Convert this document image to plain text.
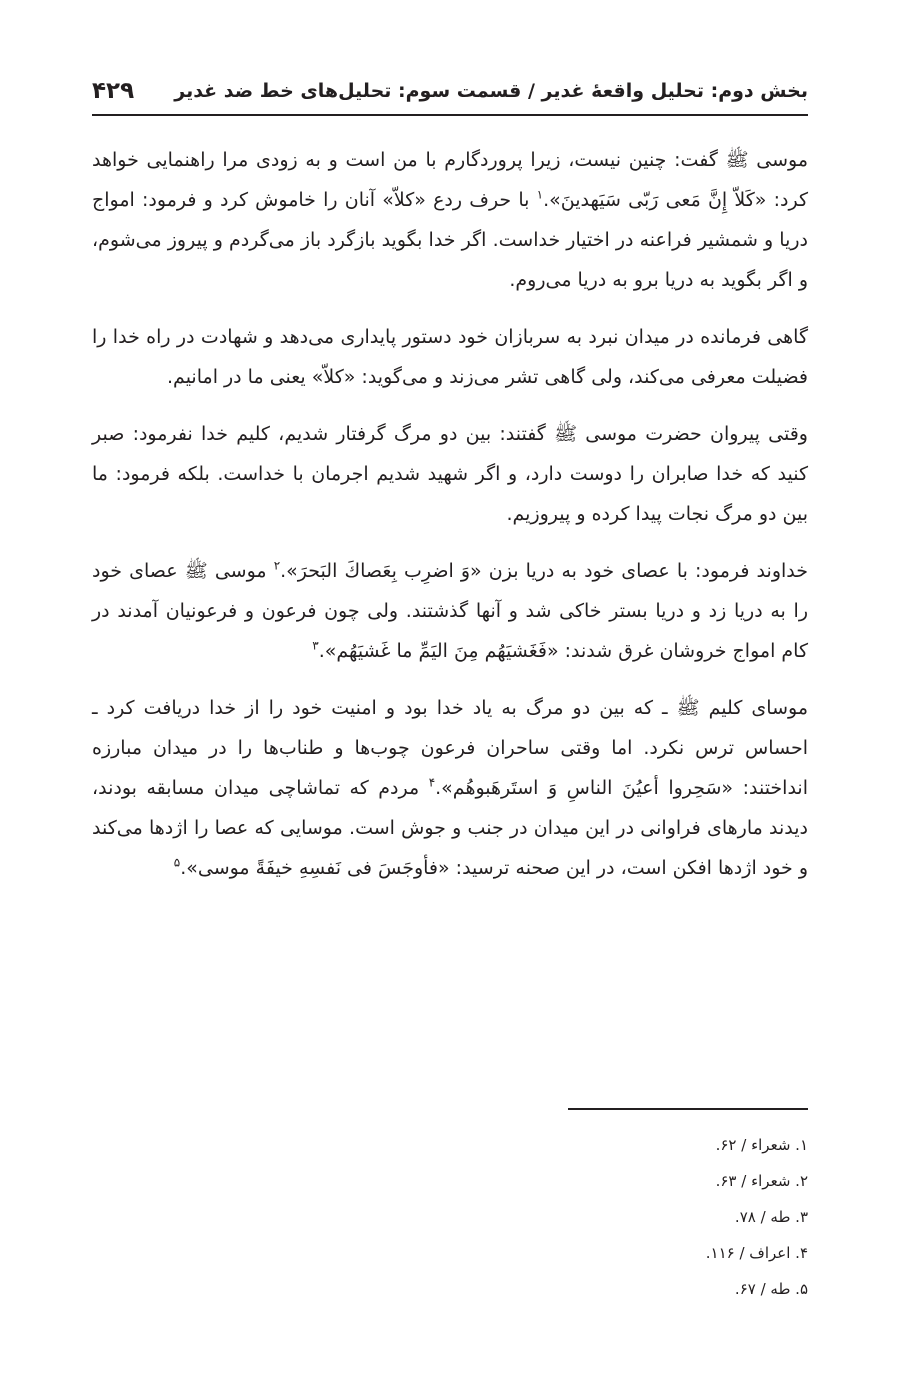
بخش دوم: تحلیل واقعهٔ غدیر / قسمت سوم: تحلیل‌های خط ضد غدیر
۴۲۹

موسی ﷺ گفت: چنین نیست، زیرا پروردگارم با من است و به زودی مرا راهنمایی خواهد کرد: «كَلاّ إِنَّ مَعی رَبّی سَیَهدینَ».$^۱$ با حرف ردع «کلاّ» آنان را خاموش کرد و فرمود: امواج دریا و شمشیر فراعنه در اختیار خداست. اگر خدا بگوید بازگرد باز می‌گردم و پیروز می‌شوم، و اگر بگوید به دریا برو به دریا می‌روم.

گاهی فرمانده در میدان نبرد به سربازان خود دستور پایداری می‌دهد و شهادت در راه خدا را فضیلت معرفی می‌کند، ولی گاهی تشر می‌زند و می‌گوید: «کلاّ» یعنی ما در امانیم.

وقتی پیروان حضرت موسی ﷺ گفتند: بین دو مرگ گرفتار شدیم، کلیم خدا نفرمود: صبر کنید که خدا صابران را دوست دارد، و اگر شهید شدیم اجرمان با خداست. بلکه فرمود: ما بین دو مرگ نجات پیدا کرده و پیروزیم.

خداوند فرمود: با عصای خود به دریا بزن «وَ اضرِب بِعَصاكَ البَحرَ».$^۲$ موسی ﷺ عصای خود را به دریا زد و دریا بستر خاکی شد و آنها گذشتند. ولی چون فرعون و فرعونیان آمدند در کام امواج خروشان غرق شدند: «فَغَشیَهُم مِنَ الیَمِّ ما غَشیَهُم».$^۳$

موسای کلیم ﷺ ـ که بین دو مرگ به یاد خدا بود و امنیت خود را از خدا دریافت کرد ـ احساس ترس نکرد. اما وقتی ساحران فرعون چوب‌ها و طناب‌ها را در میدان مبارزه انداختند: «سَحِروا أعیُنَ الناسِ وَ استَرهَبوهُم».$^۴$ مردم که تماشاچی میدان مسابقه بودند، دیدند مارهای فراوانی در این میدان در جنب و جوش است. موسایی که عصا را اژدها می‌کند و خود اژدها افکن است، در این صحنه ترسید: «فأوجَسَ فی نَفسِهِ خیفَةً موسی».$^۵$

۱. شعراء / ۶۲.

۲. شعراء / ۶۳.

۳. طه / ۷۸.

۴. اعراف / ۱۱۶.

۵. طه / ۶۷.
